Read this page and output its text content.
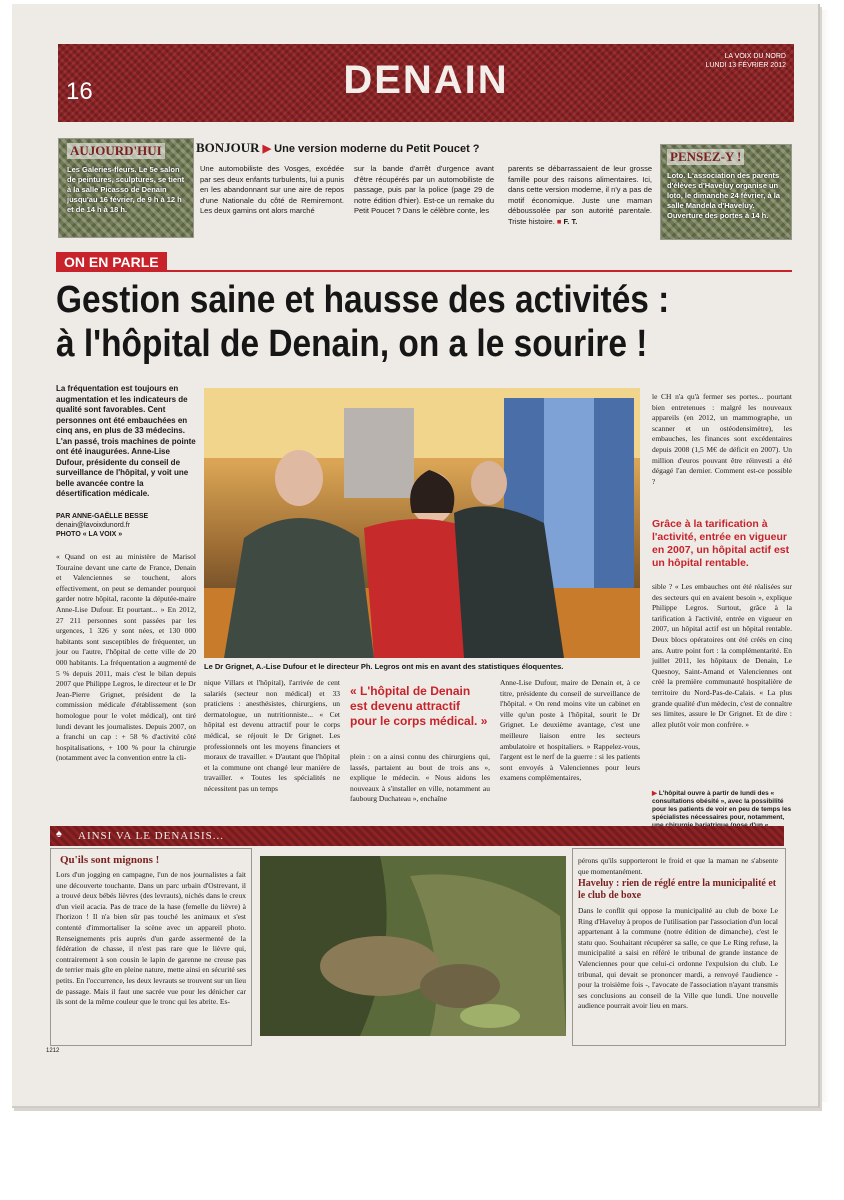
16	DENAIN
LA VOIX DU NORD
LUNDI 13 FÉVRIER 2012
AUJOURD'HUI
Les Galeries-fleurs. Le 5e salon de peintures, sculptures, se tient à la salle Picasso de Denain jusqu'au 16 février, de 9 h à 12 h et de 14 h à 18 h.
BONJOUR ▶ Une version moderne du Petit Poucet ?
Une automobiliste des Vosges, excédée par ses deux enfants turbulents, lui a punis en les abandonnant sur une aire de repos d'une Nationale du côté de Remiremont. Les deux gamins ont alors marché
sur la bande d'arrêt d'urgence avant d'être récupérés par un automobiliste de passage, puis par la police (page 29 de notre édition d'hier). Est-ce un remake du Petit Poucet ? Dans le célèbre conte, les
parents se débarrassaient de leur grosse famille pour des raisons alimentaires. Ici, dans cette version moderne, il n'y a pas de motif économique. Juste une maman déboussolée par son autorité parentale. Triste histoire. ■ F. T.
PENSEZ-Y !
Loto. L'association des parents d'élèves d'Haveluy organise un loto, le dimanche 24 février, à la salle Mandela d'Haveluy. Ouverture des portes à 14 h.
ON EN PARLE
Gestion saine et hausse des activités :
à l'hôpital de Denain, on a le sourire !
La fréquentation est toujours en augmentation et les indicateurs de qualité sont favorables. Cent personnes ont été embauchées en cinq ans, en plus de 33 médecins. L'an passé, trois machines de pointe ont été inaugurées. Anne-Lise Dufour, présidente du conseil de surveillance de l'hôpital, y voit une belle avancée contre la désertification médicale.
PAR ANNE-GAËLLE BESSE
denain@lavoixdunord.fr
PHOTO « LA VOIX »
Le Dr Grignet, A.-Lise Dufour et le directeur Ph. Legros ont mis en avant des statistiques éloquentes.
« Quand on est au ministère de Marisol Touraine devant une carte de France, Denain et Valenciennes se touchent, alors effectivement, on peut se demander pourquoi garder notre hôpital, raconte la députée-maire Anne-Lise Dufour. Et pourtant... » En 2012, 27 211 personnes sont passées par les urgences, 1 326 y sont nées, et 130 000 habitants sont susceptibles de fréquenter, un jour ou l'autre, l'hôpital de cette ville de 20 000 habitants. La fréquentation a augmenté de 5 % depuis 2011, mais c'est le bilan depuis 2007 que Philippe Legros, le directeur et le Dr Jean-Pierre Grignet, président de la commission médicale d'établissement (son homologue pour le volet médical), ont tiré lundi devant les journalistes. Depuis 2007, on a franchi un cap : + 58 % d'activité côté hospitalisations, + 100 % pour la chirurgie (notamment avec la convention entre la cli-
nique Villars et l'hôpital), l'arrivée de cent salariés (secteur non médical) et 33 praticiens : anesthésistes, chirurgiens, un dermatologue, un nutritionniste... « Cet hôpital est devenu attractif pour le corps médical, se réjouit le Dr Grignet. Les professionnels ont les moyens financiers et moraux de travailler. » D'autant que l'hôpital et la commune ont changé leur manière de travailler. « Toutes les spécialités ne nécessitent pas un temps
« L'hôpital de Denain est devenu attractif pour le corps médical. »
plein : on a ainsi connu des chirurgiens qui, lassés, partaient au bout de trois ans », explique le médecin. « Nous aidons les nouveaux à s'installer en ville, notamment au faubourg Duchateau », enchaîne
Anne-Lise Dufour, maire de Denain et, à ce titre, présidente du conseil de surveillance de l'hôpital. « On rend moins vite un cabinet en ville qu'un poste à l'hôpital, sourit le Dr Grignet. Le deuxième avantage, c'est une meilleure liaison entre les secteurs ambulatoire et hospitaliers. » Rappelez-vous, l'argent est le nerf de la guerre : si les patients sont envoyés à Valenciennes pour leurs examens complémentaires,
le CH n'a qu'à fermer ses portes... pourtant bien entretenues : malgré les nouveaux appareils (en 2012, un mammographe, un scanner et un ostéodensimètre), les embauches, les finances sont excédentaires depuis 2008 (1,5 M€ de déficit en 2007). Un million d'euros pouvant être réinvesti a été dégagé l'an dernier. Comment est-ce possible ?
Grâce à la tarification à l'activité, entrée en vigueur en 2007, un hôpital actif est un hôpital rentable.
sible ? « Les embauches ont été réalisées sur des secteurs qui en avaient besoin », explique Philippe Legros. Surtout, grâce à la tarification à l'activité, entrée en vigueur en 2007, un hôpital actif est un hôpital rentable. Deux blocs opératoires ont été créés en cinq ans. Autre point fort : la complémentarité. En juillet 2011, les hôpitaux de Denain, Le Quesnoy, Saint-Amand et Valenciennes ont créé la première communauté hospitalière de territoire du Nord-Pas-de-Calais. « La plus grande qualité d'un médecin, c'est de connaître ses limites, assure le Dr Grignet. Et de dire : allez plutôt voir mon confrère. »
▶ L'hôpital ouvre à partir de lundi des « consultations obésité », avec la possibilité pour les patients de voir en peu de temps les spécialistes nécessaires pour, notamment,
♠ AINSI VA LE DENAISIS...
Qu'ils sont mignons !
Lors d'un jogging en campagne, l'un de nos journalistes a fait une découverte touchante. Dans un parc urbain d'Ostrevant, il a trouvé deux bébés lièvres (des levrauts), nichés dans le creux d'un vieil acacia. Pas de trace de la hase (femelle du lièvre) à l'horizon ! Il n'a bien sûr pas touché les animaux et s'est contenté d'immortaliser la scène avec un appareil photo. Renseignements pris auprès d'un garde assermenté de la fédération de chasse, il n'est pas rare que le lièvre qui, contrairement à son cousin le lapin de garenne ne creuse pas de terrier mais gîte en pleine nature, mette ainsi en sécurité ses petits. En l'occurrence, les deux levrauts se trouvent sur un lieu de passage. Mais il faut une sacrée vue pour les dénicher car ils sont de la même couleur que le tronc qui les abrite. Es-
pérons qu'ils supporteront le froid et que la maman ne s'absente que momentanément.
Haveluy : rien de réglé entre la municipalité et le club de boxe
Dans le conflit qui oppose la municipalité au club de boxe Le Ring d'Haveluy à propos de l'utilisation par l'association d'un local appartenant à la commune (notre édition de dimanche), c'est le statu quo. Souhaitant récupérer sa salle, ce que Le Ring refuse, la municipalité a saisi en référé le tribunal de grande instance de Valenciennes pour que celui-ci ordonne l'expulsion du club. Le tribunal, qui devait se prononcer mardi, a renvoyé l'audience - pour la troisième fois -, l'avocate de l'association n'ayant transmis ses conclusions au conseil de la Ville que lundi. Une nouvelle audience pourrait avoir lieu en mars.
1212
